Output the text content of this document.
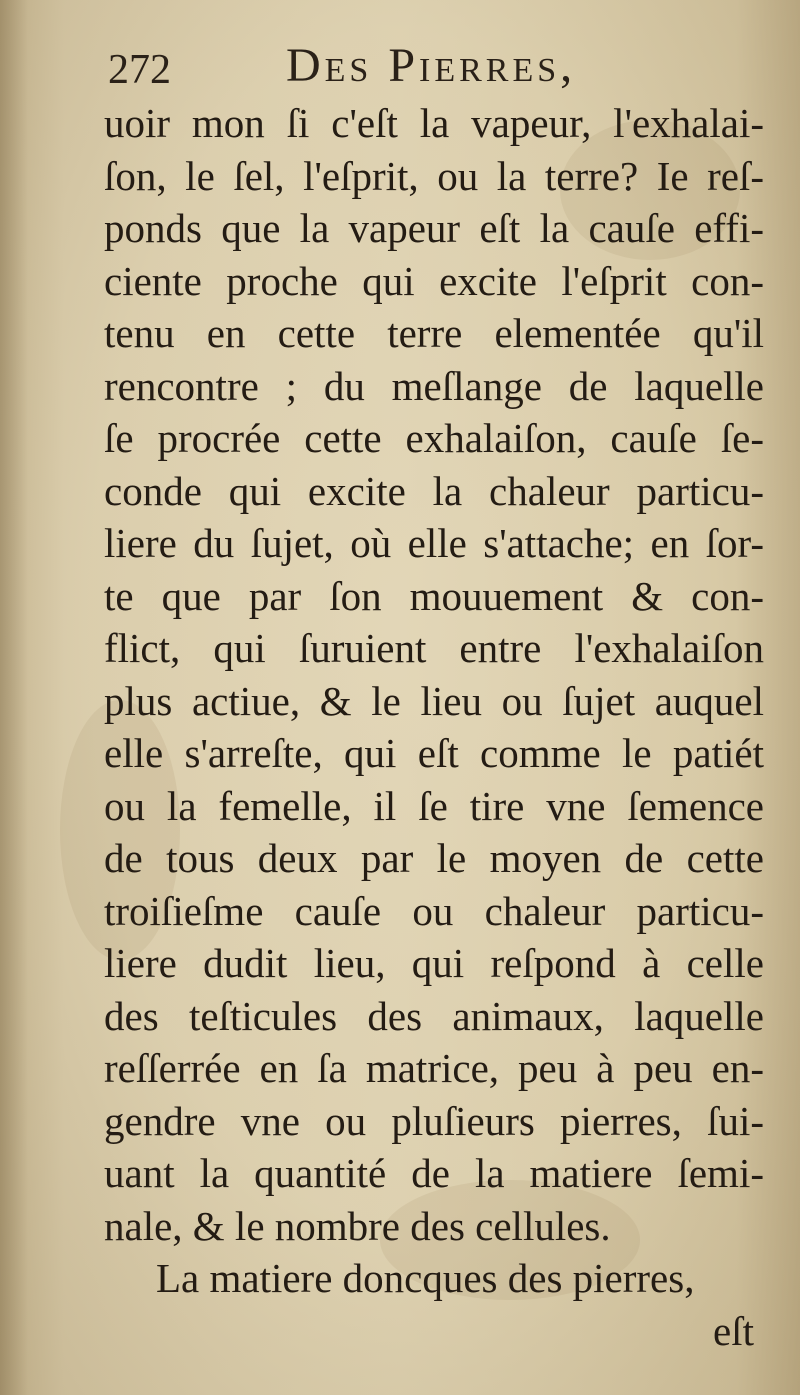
272 Des Pierres,
uoir mon ſi c'eſt la vapeur, l'exhalai-
ſon, le ſel, l'eſprit, ou la terre? Ie reſ-
ponds que la vapeur eſt la cauſe effi-
ciente proche qui excite l'eſprit con-
tenu en cette terre elementée qu'il
rencontre ; du meſlange de laquelle
ſe procrée cette exhalaiſon, cauſe ſe-
conde qui excite la chaleur particu-
liere du ſujet, où elle s'attache; en ſor-
te que par ſon mouuement & con-
flict, qui ſuruient entre l'exhalaiſon
plus actiue, & le lieu ou ſujet auquel
elle s'arreſte, qui eſt comme le patiét
ou la femelle, il ſe tire vne ſemence
de tous deux par le moyen de cette
troiſieſme cauſe ou chaleur particu-
liere dudit lieu, qui reſpond à celle
des teſticules des animaux, laquelle
reſſerrée en ſa matrice, peu à peu en-
gendre vne ou pluſieurs pierres, ſui-
uant la quantité de la matiere ſemi-
nale, & le nombre des cellules.
La matiere doncques des pierres,
eſt
